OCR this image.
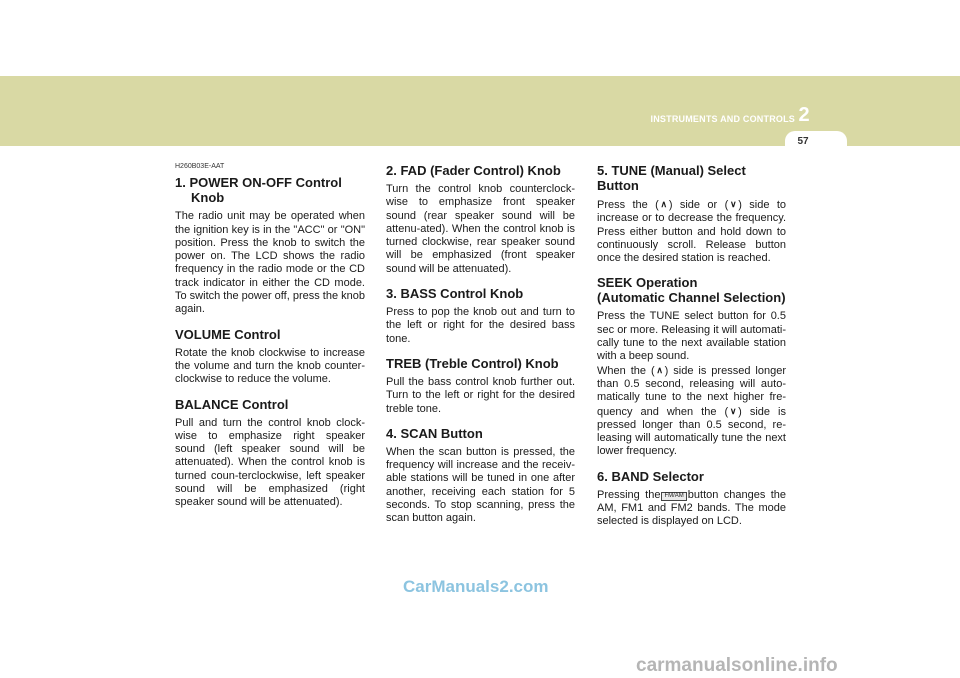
INSTRUMENTS AND CONTROLS 2
57
H260B03E-AAT
1. POWER ON-OFF Control
Knob

The radio unit may be operated when the ignition key is in the "ACC" or "ON" position. Press the knob to switch the power on. The LCD shows the radio frequency in the radio mode or the CD track indicator in either the CD mode. To switch the power off, press the knob again.

VOLUME Control

Rotate the knob clockwise to increase the volume and turn the knob counter-clockwise to reduce the volume.

BALANCE Control

Pull and turn the control knob clock-wise to emphasize right speaker sound (left speaker sound will be attenuated). When the control knob is turned coun-terclockwise, left speaker sound will be emphasized (right speaker sound will be attenuated).

2. FAD (Fader Control) Knob

Turn the control knob counterclock-wise to emphasize front speaker sound (rear speaker sound will be attenu-ated). When the control knob is turned clockwise, rear speaker sound will be emphasized (front speaker sound will be attenuated).

3. BASS Control Knob

Press to pop the knob out and turn to the left or right for the desired bass tone.

TREB (Treble Control) Knob

Pull the bass control knob further out. Turn to the left or right for the desired treble tone.

4. SCAN Button

When the scan button is pressed, the frequency will increase and the receiv-able stations will be tuned in one after another, receiving each station for 5 seconds. To stop scanning, press the scan button again.

5. TUNE (Manual) Select Button

Press the ( ∧ ) side or ( ∨ ) side to increase or to decrease the frequency. Press either button and hold down to continuously scroll. Release button once the desired station is reached.

SEEK Operation
(Automatic Channel Selection)

Press the TUNE select button for 0.5 sec or more. Releasing it will automati-cally tune to the next available station with a beep sound.

When the ( ∧ ) side is pressed longer than 0.5 second, releasing will auto-matically tune to the next higher fre-quency and when the ( ∨ ) side is pressed longer than 0.5 second, re-leasing will automatically tune the next lower frequency.

6. BAND Selector

Pressing the FM/AM button changes the AM, FM1 and FM2 bands. The mode selected is displayed on LCD.

CarManuals2.com
carmanualsonline.info
